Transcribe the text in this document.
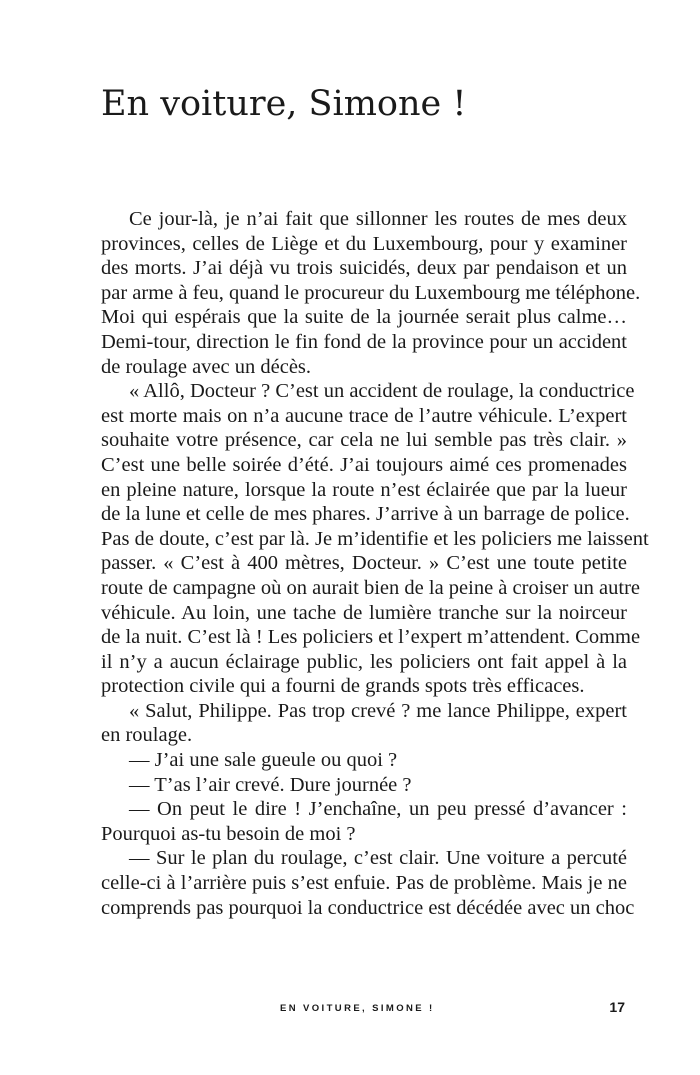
En voiture, Simone !
Ce jour-là, je n’ai fait que sillonner les routes de mes deux
provinces, celles de Liège et du Luxembourg, pour y examiner
des morts. J’ai déjà vu trois suicidés, deux par pendaison et un
par arme à feu, quand le procureur du Luxembourg me téléphone.
Moi qui espérais que la suite de la journée serait plus calme…
Demi-tour, direction le fin fond de la province pour un accident
de roulage avec un décès.
« Allô, Docteur ? C’est un accident de roulage, la conductrice
est morte mais on n’a aucune trace de l’autre véhicule. L’expert
souhaite votre présence, car cela ne lui semble pas très clair. »
C’est une belle soirée d’été. J’ai toujours aimé ces promenades
en pleine nature, lorsque la route n’est éclairée que par la lueur
de la lune et celle de mes phares. J’arrive à un barrage de police.
Pas de doute, c’est par là. Je m’identifie et les policiers me laissent
passer. « C’est à 400 mètres, Docteur. » C’est une toute petite
route de campagne où on aurait bien de la peine à croiser un autre
véhicule. Au loin, une tache de lumière tranche sur la noirceur
de la nuit. C’est là ! Les policiers et l’expert m’attendent. Comme
il n’y a aucun éclairage public, les policiers ont fait appel à la
protection civile qui a fourni de grands spots très efficaces.
« Salut, Philippe. Pas trop crevé ? me lance Philippe, expert
en roulage.
— J’ai une sale gueule ou quoi ?
— T’as l’air crevé. Dure journée ?
— On peut le dire ! J’enchaîne, un peu pressé d’avancer :
Pourquoi as-tu besoin de moi ?
— Sur le plan du roulage, c’est clair. Une voiture a percuté
celle-ci à l’arrière puis s’est enfuie. Pas de problème. Mais je ne
comprends pas pourquoi la conductrice est décédée avec un choc
EN VOITURE, SIMONE !	17
